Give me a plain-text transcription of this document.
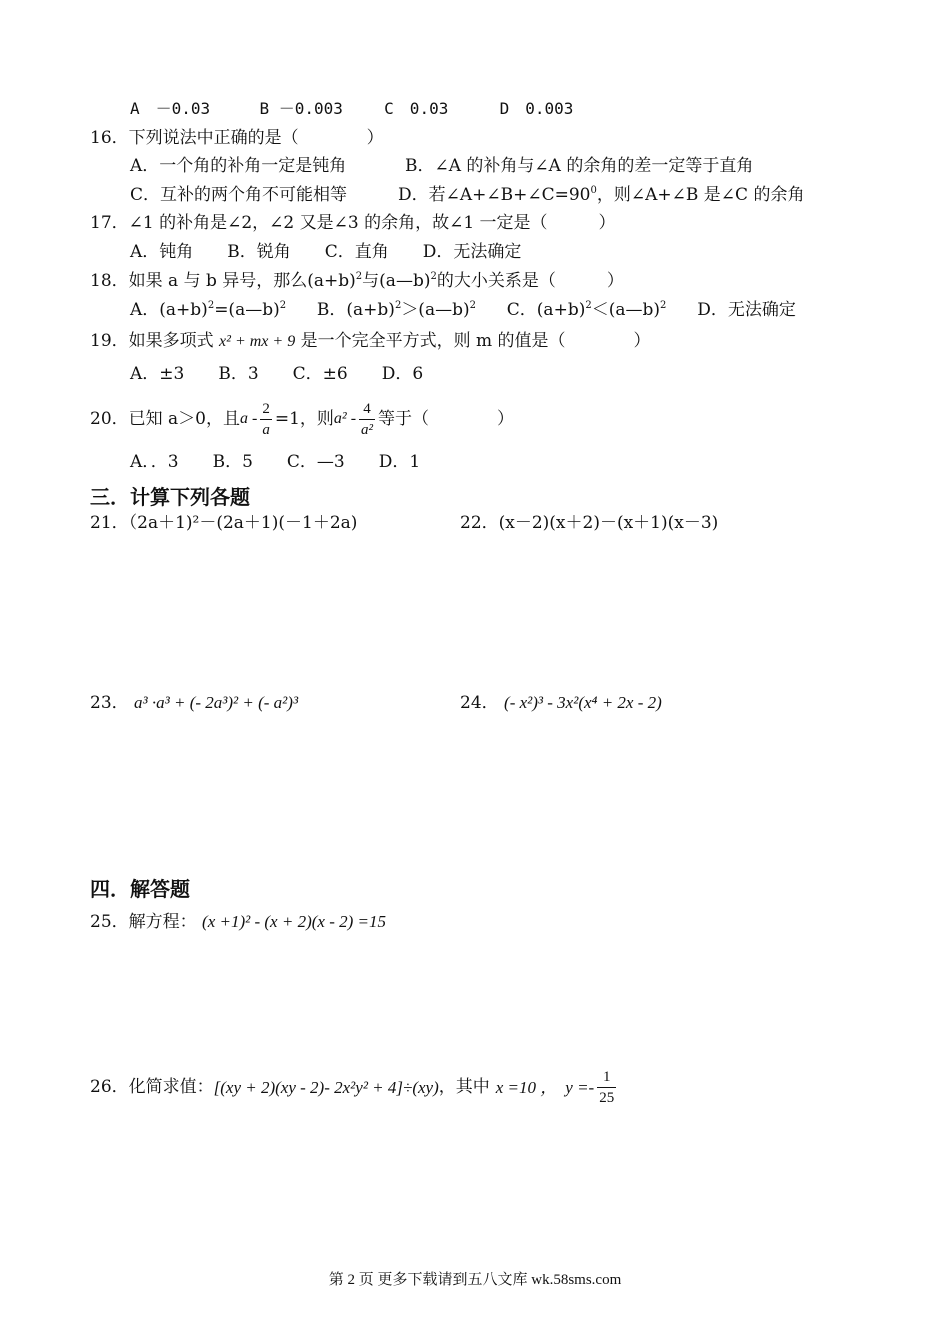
A　－0.03	B －0.003	C　0.03	D　0.003
16．下列说法中正确的是（　　　　）
A．一个角的补角一定是钝角	B．∠A 的补角与∠A 的余角的差一定等于直角
C．互补的两个角不可能相等	D．若$\angle A+\angle B+\angle C=90^0$，则∠A+∠B 是∠C 的余角
17．∠1 的补角是∠2，∠2 又是∠3 的余角，故∠1 一定是（　　　）
A．钝角　　B．锐角　　C．直角　　D．无法确定
18．如果 a 与 b 异号，那么$(a+b)^2$与(a—b)$^2$的大小关系是（　　　）
A．$(a+b)^2=(a—b)^2$ B．$(a+b)^2>(a—b)^2$ C．$(a+b)^2<(a—b)^2$ D．无法确定
19．如果多项式 x² + mx + 9 是一个完全平方式，则 m 的值是（　　　　）
A．±3　　B．3　　C．±6　　D．6
20．已知 a＞0，且 $a - \frac{2}{a} =1$，则 $a^2 - \frac{4}{\text{a²}}$ 等于（　　　　）
A．．3　　B．5　　C．—3　　D．1
三．计算下列各题
21．（2a＋1)²－(2a＋1)(－1＋2a)	22．(x－2)(x＋2)－(x＋1)(x－3)
23． a³ ·a³ + (- 2a³)² + (- a²)³	24． (- x²)³ - 3x²(x⁴ + 2x - 2)
四．解答题
25．解方程： (x +1)² - (x + 2)(x - 2) =15
26．化简求值： [(xy + 2)(xy - 2)- 2x²y² + 4]÷(xy) ，其中 x =10 ， $y =- \frac{1}{25}$
第 2 页 更多下载请到五八文库 wk.58sms.com
